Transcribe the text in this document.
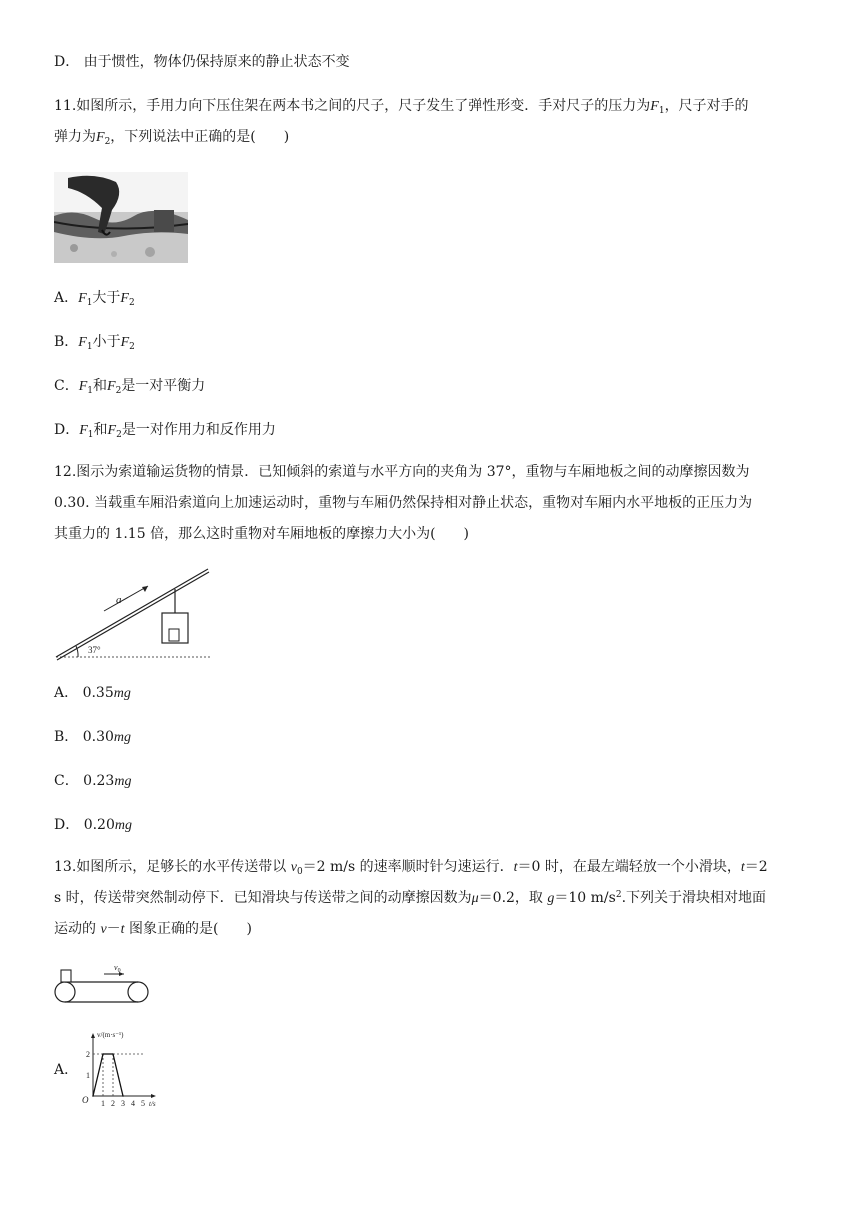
D． 由于惯性，物体仍保持原来的静止状态不变
11.如图所示，手用力向下压住架在两本书之间的尺子，尺子发生了弹性形变．手对尺子的压力为$F_1$，尺子对手的
弹力为$F_2$，下列说法中正确的是(　　)
A．$F_1$大于$F_2$
B．$F_1$小于$F_2$
C．$F_1$和$F_2$是一对平衡力
D．$F_1$和$F_2$是一对作用力和反作用力
12.图示为索道输运货物的情景．已知倾斜的索道与水平方向的夹角为 37°，重物与车厢地板之间的动摩擦因数为
0.30. 当载重车厢沿索道向上加速运动时，重物与车厢仍然保持相对静止状态，重物对车厢内水平地板的正压力为
其重力的 1.15 倍，那么这时重物对车厢地板的摩擦力大小为(　　)
a
37°
A． 0.35mg
B． 0.30mg
C． 0.23mg
D． 0.20mg
13.如图所示，足够长的水平传送带以 $v_0=2$ m/s 的速率顺时针匀速运行．t＝0 时，在最左端轻放一个小滑块，t＝2
s 时，传送带突然制动停下．已知滑块与传送带之间的动摩擦因数为μ＝0.2，取 g＝10 $m/s^2$.下列关于滑块相对地面
运动的 v－t 图象正确的是(　　)
$v_0$
A．
v/(m·s⁻¹)
t/s
O
1
2
1 2 3 4 5
